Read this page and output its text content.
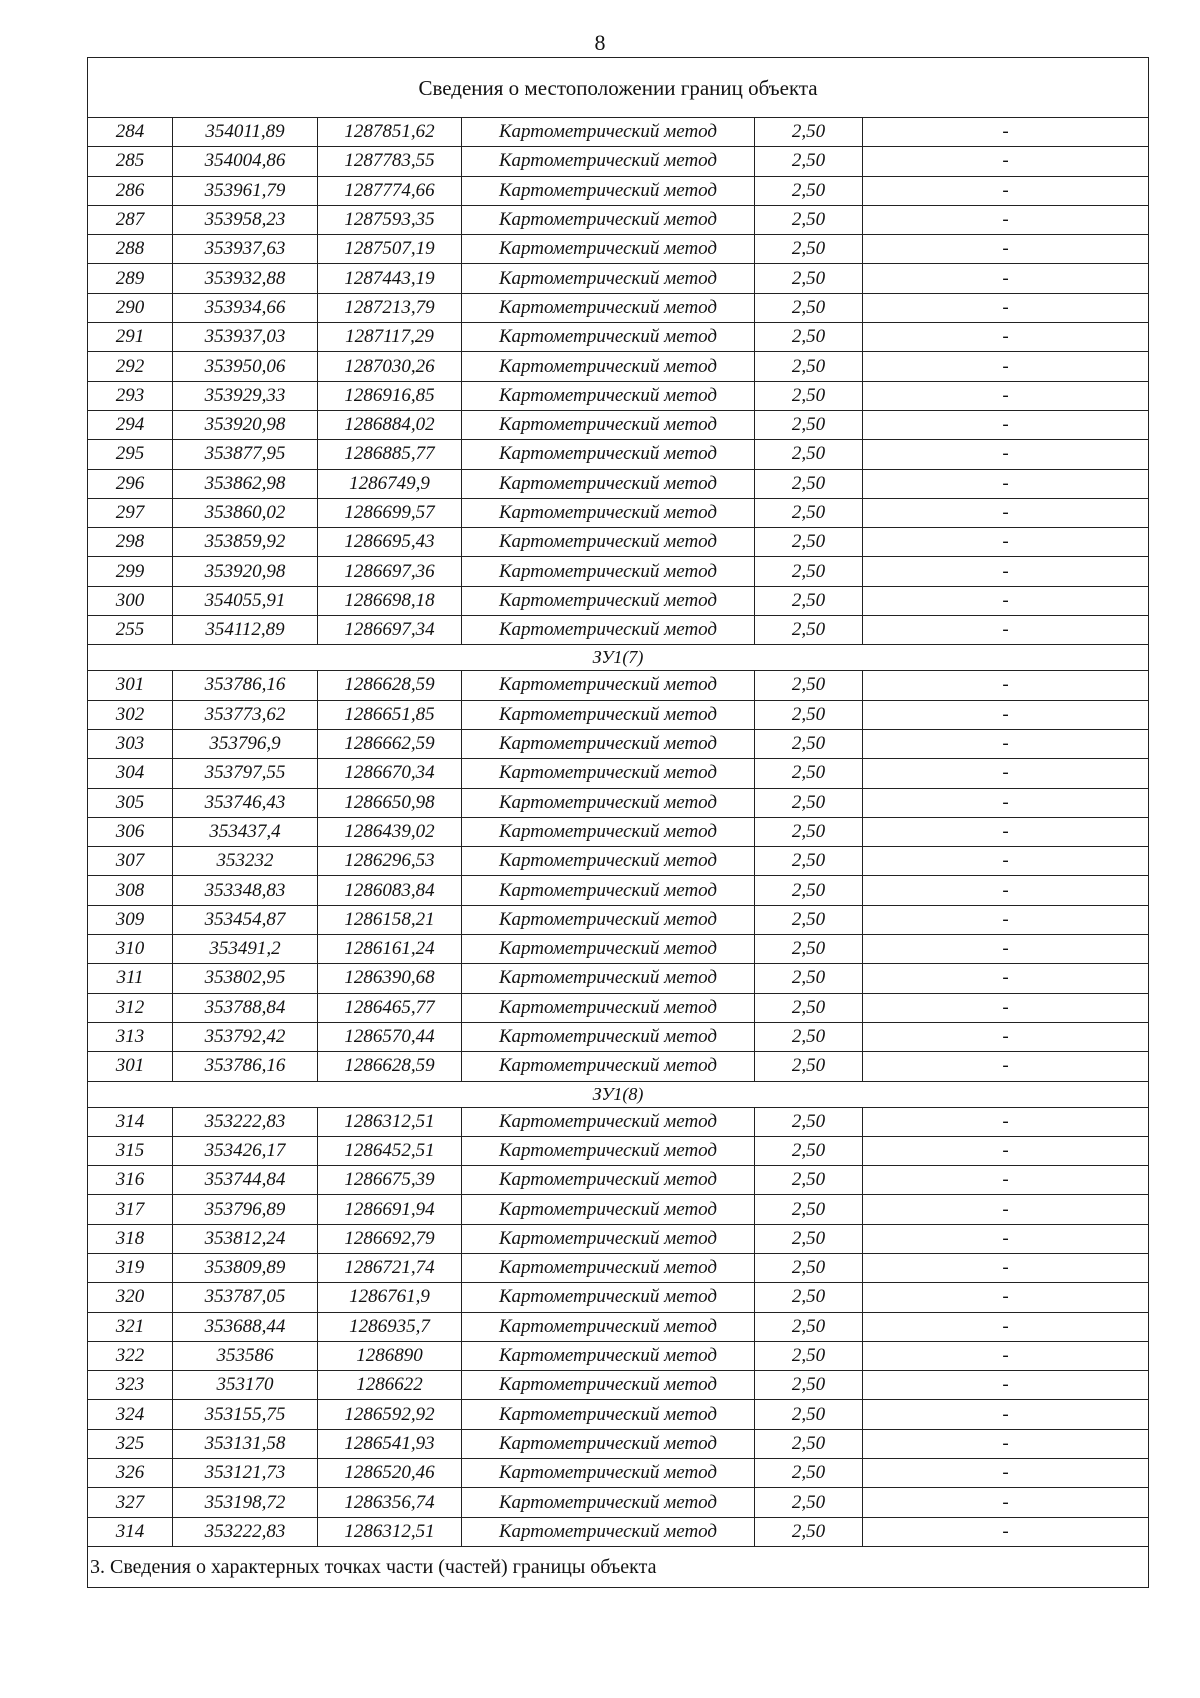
8
Сведения о местоположении границ объекта					
284	354011,89	1287851,62	Картометрический метод	2,50	-
285	354004,86	1287783,55	Картометрический метод	2,50	-
286	353961,79	1287774,66	Картометрический метод	2,50	-
287	353958,23	1287593,35	Картометрический метод	2,50	-
288	353937,63	1287507,19	Картометрический метод	2,50	-
289	353932,88	1287443,19	Картометрический метод	2,50	-
290	353934,66	1287213,79	Картометрический метод	2,50	-
291	353937,03	1287117,29	Картометрический метод	2,50	-
292	353950,06	1287030,26	Картометрический метод	2,50	-
293	353929,33	1286916,85	Картометрический метод	2,50	-
294	353920,98	1286884,02	Картометрический метод	2,50	-
295	353877,95	1286885,77	Картометрический метод	2,50	-
296	353862,98	1286749,9	Картометрический метод	2,50	-
297	353860,02	1286699,57	Картометрический метод	2,50	-
298	353859,92	1286695,43	Картометрический метод	2,50	-
299	353920,98	1286697,36	Картометрический метод	2,50	-
300	354055,91	1286698,18	Картометрический метод	2,50	-
255	354112,89	1286697,34	Картометрический метод	2,50	-
ЗУ1(7)					
301	353786,16	1286628,59	Картометрический метод	2,50	-
302	353773,62	1286651,85	Картометрический метод	2,50	-
303	353796,9	1286662,59	Картометрический метод	2,50	-
304	353797,55	1286670,34	Картометрический метод	2,50	-
305	353746,43	1286650,98	Картометрический метод	2,50	-
306	353437,4	1286439,02	Картометрический метод	2,50	-
307	353232	1286296,53	Картометрический метод	2,50	-
308	353348,83	1286083,84	Картометрический метод	2,50	-
309	353454,87	1286158,21	Картометрический метод	2,50	-
310	353491,2	1286161,24	Картометрический метод	2,50	-
311	353802,95	1286390,68	Картометрический метод	2,50	-
312	353788,84	1286465,77	Картометрический метод	2,50	-
313	353792,42	1286570,44	Картометрический метод	2,50	-
301	353786,16	1286628,59	Картометрический метод	2,50	-
ЗУ1(8)					
314	353222,83	1286312,51	Картометрический метод	2,50	-
315	353426,17	1286452,51	Картометрический метод	2,50	-
316	353744,84	1286675,39	Картометрический метод	2,50	-
317	353796,89	1286691,94	Картометрический метод	2,50	-
318	353812,24	1286692,79	Картометрический метод	2,50	-
319	353809,89	1286721,74	Картометрический метод	2,50	-
320	353787,05	1286761,9	Картометрический метод	2,50	-
321	353688,44	1286935,7	Картометрический метод	2,50	-
322	353586	1286890	Картометрический метод	2,50	-
323	353170	1286622	Картометрический метод	2,50	-
324	353155,75	1286592,92	Картометрический метод	2,50	-
325	353131,58	1286541,93	Картометрический метод	2,50	-
326	353121,73	1286520,46	Картометрический метод	2,50	-
327	353198,72	1286356,74	Картометрический метод	2,50	-
314	353222,83	1286312,51	Картометрический метод	2,50	-
3. Сведения о характерных точках части (частей) границы объекта					
